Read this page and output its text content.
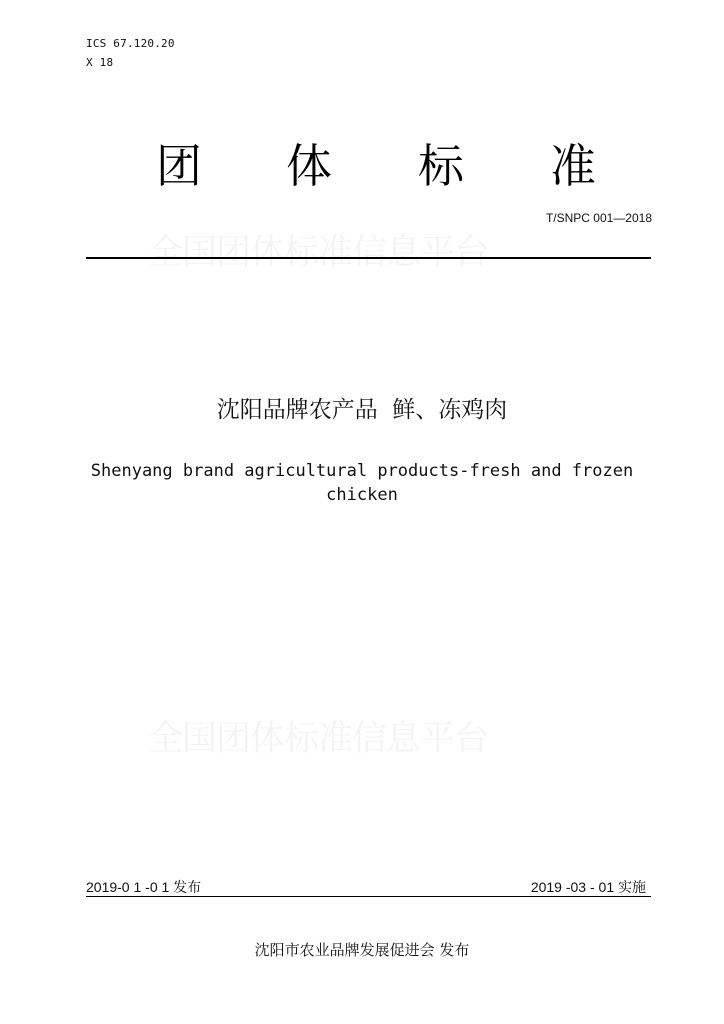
ICS 67.120.20
X 18
团 体 标 准
T/SNPC 001—2018
沈阳品牌农产品  鲜、冻鸡肉
Shenyang brand agricultural products-fresh and frozen chicken
2019-0 1 -0 1 发布	2019 -03 - 01 实施
沈阳市农业品牌发展促进会 发布
